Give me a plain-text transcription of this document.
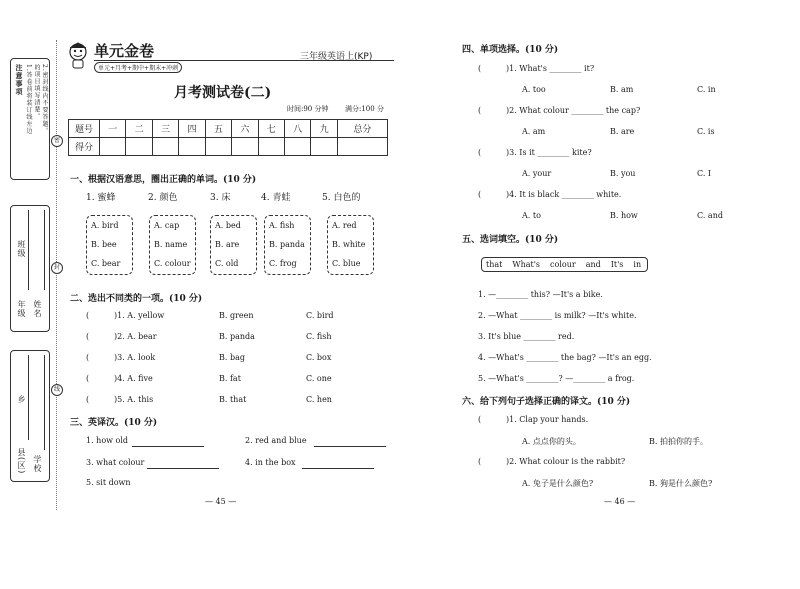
注意事项 1.答卷前将装订线左边 的项目填写清楚。 2.密封线内不要答题。
年级
班级
姓名
县(区)
乡
学校
密
封
线
单元金卷
单元+月考+期中+期末+冲刺
三年级英语上(KP)
月考测试卷(二)
时间:90 分钟 满分:100 分
题号	一	二	三	四	五	六	七	八	九	总分
得分										
一、根据汉语意思，圈出正确的单词。(10 分)
1. 蜜蜂	2. 颜色	3. 床	4. 青蛙	5. 白色的
A. bird
B. bee
C. bear
A. cap
B. name
C. colour
A. bed
B. are
C. old
A. fish
B. panda
C. frog
A. red
B. white
C. blue
二、选出不同类的一项。(10 分)
(	)1. A. yellow	B. green	C. bird
(	)2. A. bear	B. panda	C. fish
(	)3. A. look	B. bag	C. box
(	)4. A. five	B. fat	C. one
(	)5. A. this	B. that	C. hen
三、英译汉。(10 分)
1. how old	2. red and blue
3. what colour	4. in the box
5. sit down
— 45 —
四、单项选择。(10 分)
(	)1. What's ________ it?
A. too	B. am	C. in
(	)2. What colour ________ the cap?
A. am	B. are	C. is
(	)3. Is it ________ kite?
A. your	B. you	C. I
(	)4. It is black ________ white.
A. to	B. how	C. and
五、选词填空。(10 分)
that What's colour and It's in
1. —________ this? —It's a bike.
2. —What ________ is milk? —It's white.
3. It's blue ________ red.
4. —What's ________ the bag? —It's an egg.
5. —What's ________? —________ a frog.
六、给下列句子选择正确的译文。(10 分)
(	)1. Clap your hands.
A. 点点你的头。	B. 拍拍你的手。
(	)2. What colour is the rabbit?
A. 兔子是什么颜色?	B. 狗是什么颜色?
— 46 —
